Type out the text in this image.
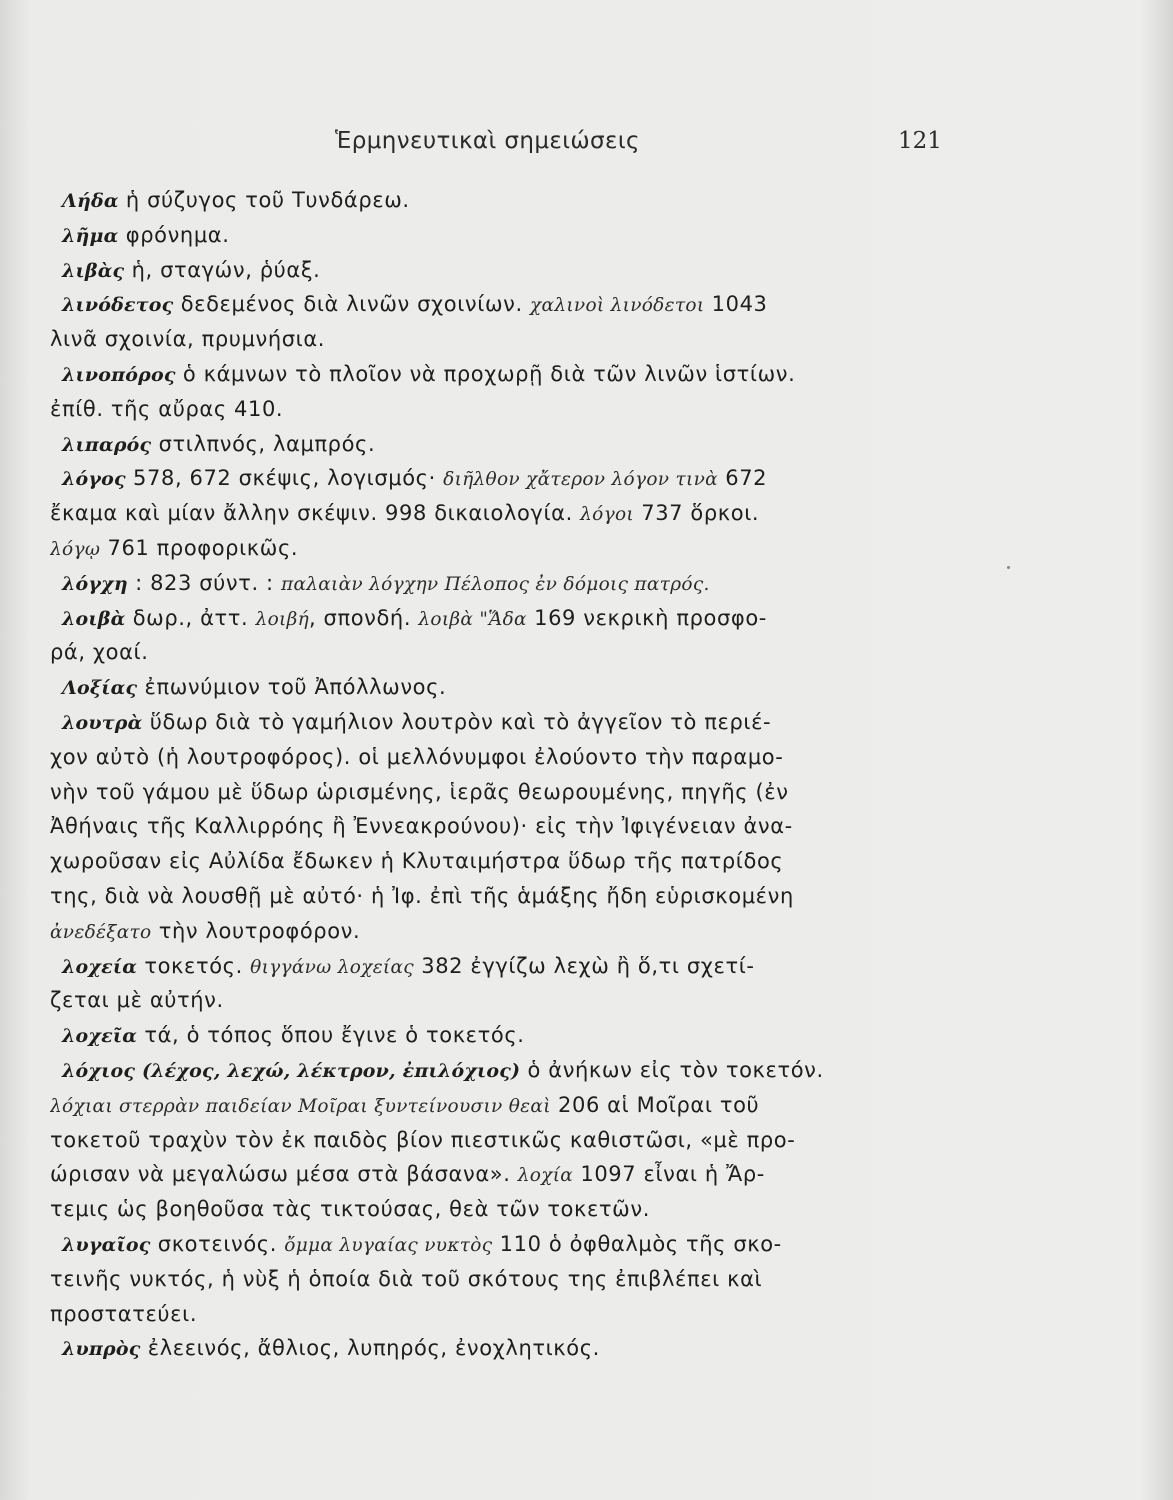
Ἑρμηνευτικαὶ σημειώσεις	121
Λήδα ἡ σύζυγος τοῦ Τυνδάρεω.
λῆμα φρόνημα.
λιβὰς ἡ, σταγών, ῥύαξ.
λινόδετος δεδεμένος διὰ λινῶν σχοινίων. χαλινοὶ λινόδετοι 1043
λινᾶ σχοινία, πρυμνήσια.
λινοπόρος ὁ κάμνων τὸ πλοῖον νὰ προχωρῇ διὰ τῶν λινῶν ἱστίων.
ἐπίθ. τῆς αὔρας 410.
λιπαρός στιλπνός, λαμπρός.
λόγος 578, 672 σκέψις, λογισμός· διῆλθον χἄτερον λόγον τινὰ 672
ἔκαμα καὶ μίαν ἄλλην σκέψιν. 998 δικαιολογία. λόγοι 737 ὅρκοι.
λόγῳ 761 προφορικῶς.
λόγχη : 823 σύντ. : παλαιὰν λόγχην Πέλοπος ἐν δόμοις πατρός.
λοιβὰ δωρ., ἀττ. λοιβή, σπονδή. λοιβὰ "Ἅδα 169 νεκρικὴ προσφο-
ρά, χοαί.
Λοξίας ἐπωνύμιον τοῦ Ἀπόλλωνος.
λουτρὰ ὕδωρ διὰ τὸ γαμήλιον λουτρὸν καὶ τὸ ἀγγεῖον τὸ περιέ-
χον αὐτὸ (ἡ λουτροφόρος). οἱ μελλόνυμφοι ἐλούοντο τὴν παραμο-
νὴν τοῦ γάμου μὲ ὕδωρ ὡρισμένης, ἱερᾶς θεωρουμένης, πηγῆς (ἐν
Ἀθήναις τῆς Καλλιρρόης ἢ Ἐννεακρούνου)· εἰς τὴν Ἰφιγένειαν ἀνα-
χωροῦσαν εἰς Αὐλίδα ἔδωκεν ἡ Κλυταιμήστρα ὕδωρ τῆς πατρίδος
της, διὰ νὰ λουσθῇ μὲ αὐτό· ἡ Ἰφ. ἐπὶ τῆς ἁμάξης ἤδη εὑρισκομένη
ἀνεδέξατο τὴν λουτροφόρον.
λοχεία τοκετός. θιγγάνω λοχείας 382 ἐγγίζω λεχὼ ἢ ὅ,τι σχετί-
ζεται μὲ αὐτήν.
λοχεῖα τά, ὁ τόπος ὅπου ἔγινε ὁ τοκετός.
λόχιος (λέχος, λεχώ, λέκτρον, ἐπιλόχιος) ὁ ἀνήκων εἰς τὸν τοκετόν.
λόχιαι στερρὰν παιδείαν Μοῖραι ξυντείνουσιν θεαὶ 206 αἱ Μοῖραι τοῦ
τοκετοῦ τραχὺν τὸν ἐκ παιδὸς βίον πιεστικῶς καθιστῶσι, «μὲ προ-
ώρισαν νὰ μεγαλώσω μέσα στὰ βάσανα». λοχία 1097 εἶναι ἡ Ἄρ-
τεμις ὡς βοηθοῦσα τὰς τικτούσας, θεὰ τῶν τοκετῶν.
λυγαῖος σκοτεινός. ὄμμα λυγαίας νυκτὸς 110 ὁ ὀφθαλμὸς τῆς σκο-
τεινῆς νυκτός, ἡ νὺξ ἡ ὁποία διὰ τοῦ σκότους της ἐπιβλέπει καὶ
προστατεύει.
λυπρὸς ἐλεεινός, ἄθλιος, λυπηρός, ἐνοχλητικός.
